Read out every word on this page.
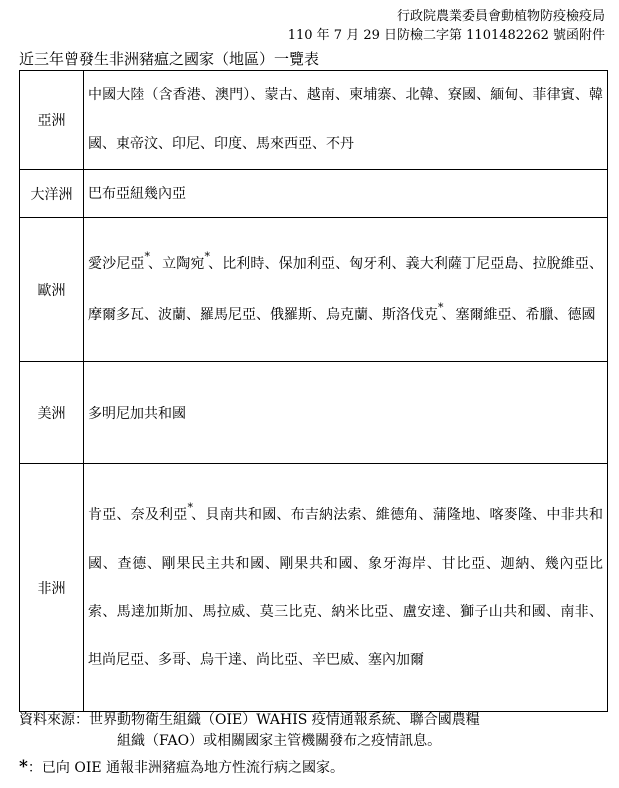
行政院農業委員會動植物防疫檢疫局
110 年 7 月 29 日防檢二字第 1101482262 號函附件
近三年曾發生非洲豬瘟之國家（地區）一覽表
亞洲	中國大陸（含香港、澳門）、蒙古、越南、柬埔寨、北韓、寮國、緬甸、菲律賓、韓國、東帝汶、印尼、印度、馬來西亞、不丹
大洋洲	巴布亞紐幾內亞
歐洲	愛沙尼亞*、立陶宛*、比利時、保加利亞、匈牙利、義大利薩丁尼亞島、拉脫維亞、摩爾多瓦、波蘭、羅馬尼亞、俄羅斯、烏克蘭、斯洛伐克*、塞爾維亞、希臘、德國
美洲	多明尼加共和國
非洲	肯亞、奈及利亞*、貝南共和國、布吉納法索、維德角、蒲隆地、喀麥隆、中非共和國、查德、剛果民主共和國、剛果共和國、象牙海岸、甘比亞、迦納、幾內亞比索、馬達加斯加、馬拉威、莫三比克、納米比亞、盧安達、獅子山共和國、南非、坦尚尼亞、多哥、烏干達、尚比亞、辛巴威、塞內加爾
資料來源：世界動物衛生組織（OIE）WAHIS 疫情通報系統、聯合國農糧
組織（FAO）或相關國家主管機關發布之疫情訊息。
*：已向 OIE 通報非洲豬瘟為地方性流行病之國家。
